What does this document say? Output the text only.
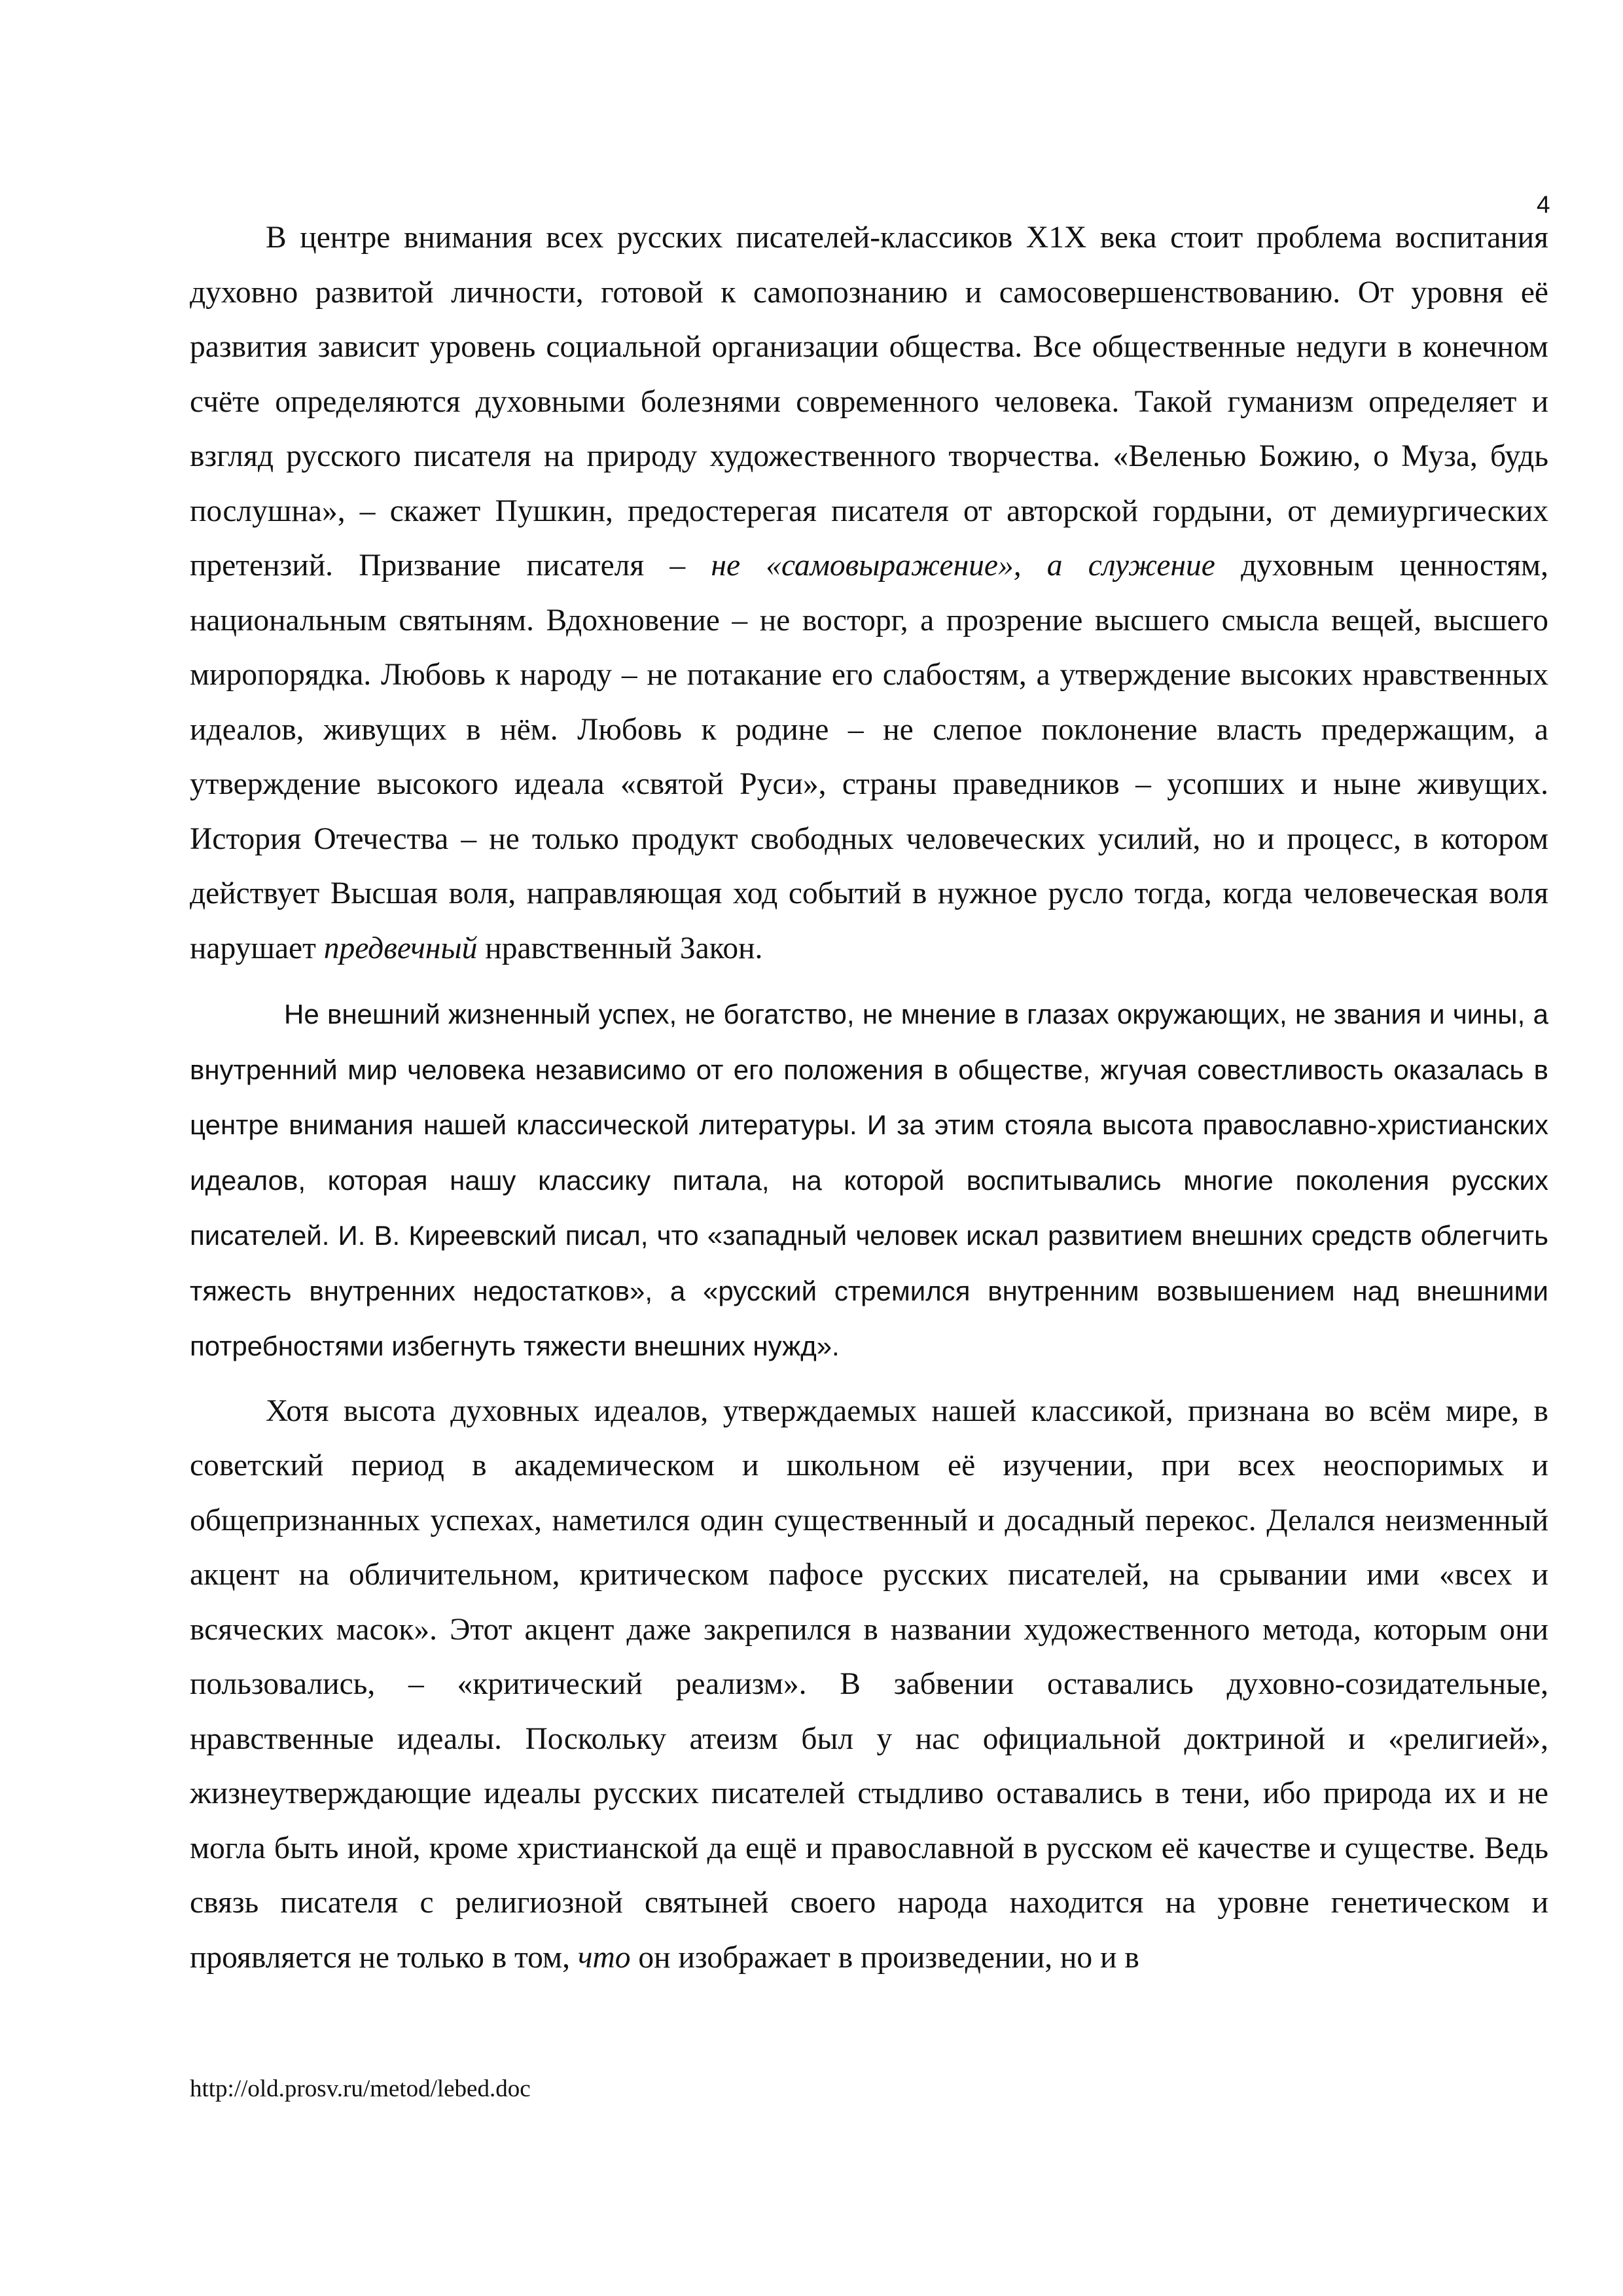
4

В центре внимания всех русских писателей-классиков X1X века стоит проблема воспитания духовно развитой личности, готовой к самопознанию и самосовершенствованию. От уровня её развития зависит уровень социальной организации общества. Все общественные недуги в конечном счёте определяются духовными болезнями современного человека. Такой гуманизм определяет и взгляд русского писателя на природу художественного творчества. «Веленью Божию, о Муза, будь послушна», – скажет Пушкин, предостерегая писателя от авторской гордыни, от демиургических претензий. Призвание писателя – не «самовыражение», а служение духовным ценностям, национальным святыням. Вдохновение – не восторг, а прозрение высшего смысла вещей, высшего миропорядка. Любовь к народу – не потакание его слабостям, а утверждение высоких нравственных идеалов, живущих в нём. Любовь к родине – не слепое поклонение власть предержащим, а утверждение высокого идеала «святой Руси», страны праведников – усопших и ныне живущих. История Отечества – не только продукт свободных человеческих усилий, но и процесс, в котором действует Высшая воля, направляющая ход событий в нужное русло тогда, когда человеческая воля нарушает предвечный нравственный Закон.

Не внешний жизненный успех, не богатство, не мнение в глазах окружающих, не звания и чины, а внутренний мир человека независимо от его положения в обществе, жгучая совестливость оказалась в центре внимания нашей классической литературы. И за этим стояла высота православно-христианских идеалов, которая нашу классику питала, на которой воспитывались многие поколения русских писателей. И. В. Киреевский писал, что «западный человек искал развитием внешних средств облегчить тяжесть внутренних недостатков», а «русский стремился внутренним возвышением над внешними потребностями избегнуть тяжести внешних нужд».

Хотя высота духовных идеалов, утверждаемых нашей классикой, признана во всём мире, в советский период в академическом и школьном её изучении, при всех неоспоримых и общепризнанных успехах, наметился один существенный и досадный перекос. Делался неизменный акцент на обличительном, критическом пафосе русских писателей, на срывании ими «всех и всяческих масок». Этот акцент даже закрепился в названии художественного метода, которым они пользовались, – «критический реализм». В забвении оставались духовно-созидательные, нравственные идеалы. Поскольку атеизм был у нас официальной доктриной и «религией», жизнеутверждающие идеалы русских писателей стыдливо оставались в тени, ибо природа их и не могла быть иной, кроме христианской да ещё и православной в русском её качестве и существе. Ведь связь писателя с религиозной святыней своего народа находится на уровне генетическом и проявляется не только в том, что он изображает в произведении, но и в

http://old.prosv.ru/metod/lebed.doc
